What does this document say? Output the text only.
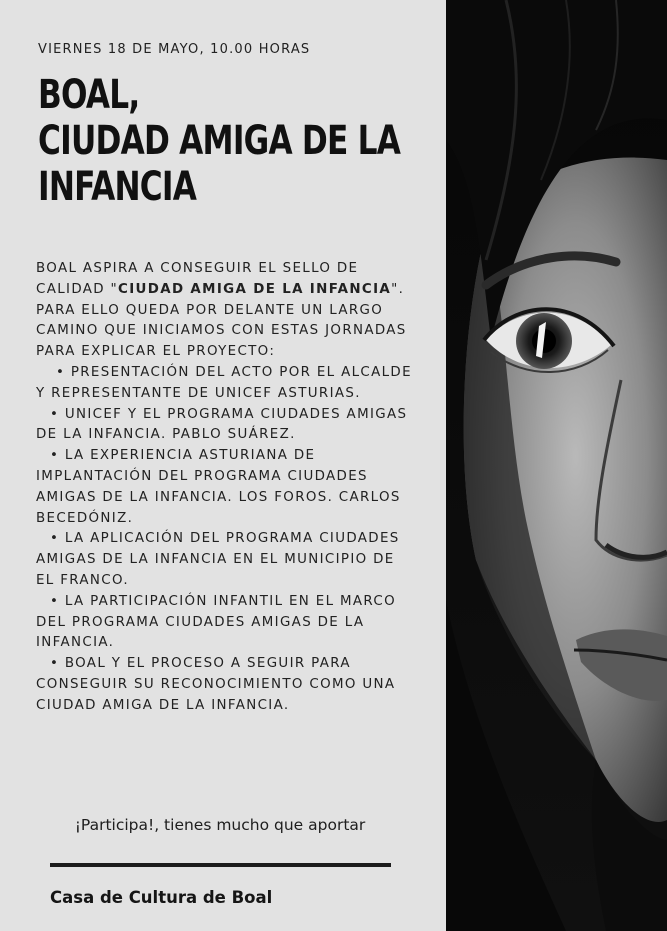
VIERNES 18 DE MAYO, 10.00 HORAS
BOAL,
CIUDAD AMIGA DE LA
INFANCIA

BOAL ASPIRA A CONSEGUIR EL SELLO DE CALIDAD "CIUDAD AMIGA DE LA INFANCIA".

PARA ELLO QUEDA POR DELANTE UN LARGO CAMINO QUE INICIAMOS CON ESTAS JORNADAS PARA EXPLICAR EL PROYECTO:

• PRESENTACIÓN DEL ACTO POR EL ALCALDE Y REPRESENTANTE DE UNICEF ASTURIAS.

• UNICEF Y EL PROGRAMA CIUDADES AMIGAS DE LA INFANCIA. PABLO SUÁREZ.

• LA EXPERIENCIA ASTURIANA DE IMPLANTACIÓN DEL PROGRAMA CIUDADES AMIGAS DE LA INFANCIA. LOS FOROS. CARLOS BECEDÓNIZ.

• LA APLICACIÓN DEL PROGRAMA CIUDADES AMIGAS DE LA INFANCIA EN EL MUNICIPIO DE EL FRANCO.

• LA PARTICIPACIÓN INFANTIL EN EL MARCO DEL PROGRAMA CIUDADES AMIGAS DE LA INFANCIA.

• BOAL Y EL PROCESO A SEGUIR PARA CONSEGUIR SU RECONOCIMIENTO COMO UNA CIUDAD AMIGA DE LA INFANCIA.

¡Participa!, tienes mucho que aportar
Casa de Cultura de Boal
